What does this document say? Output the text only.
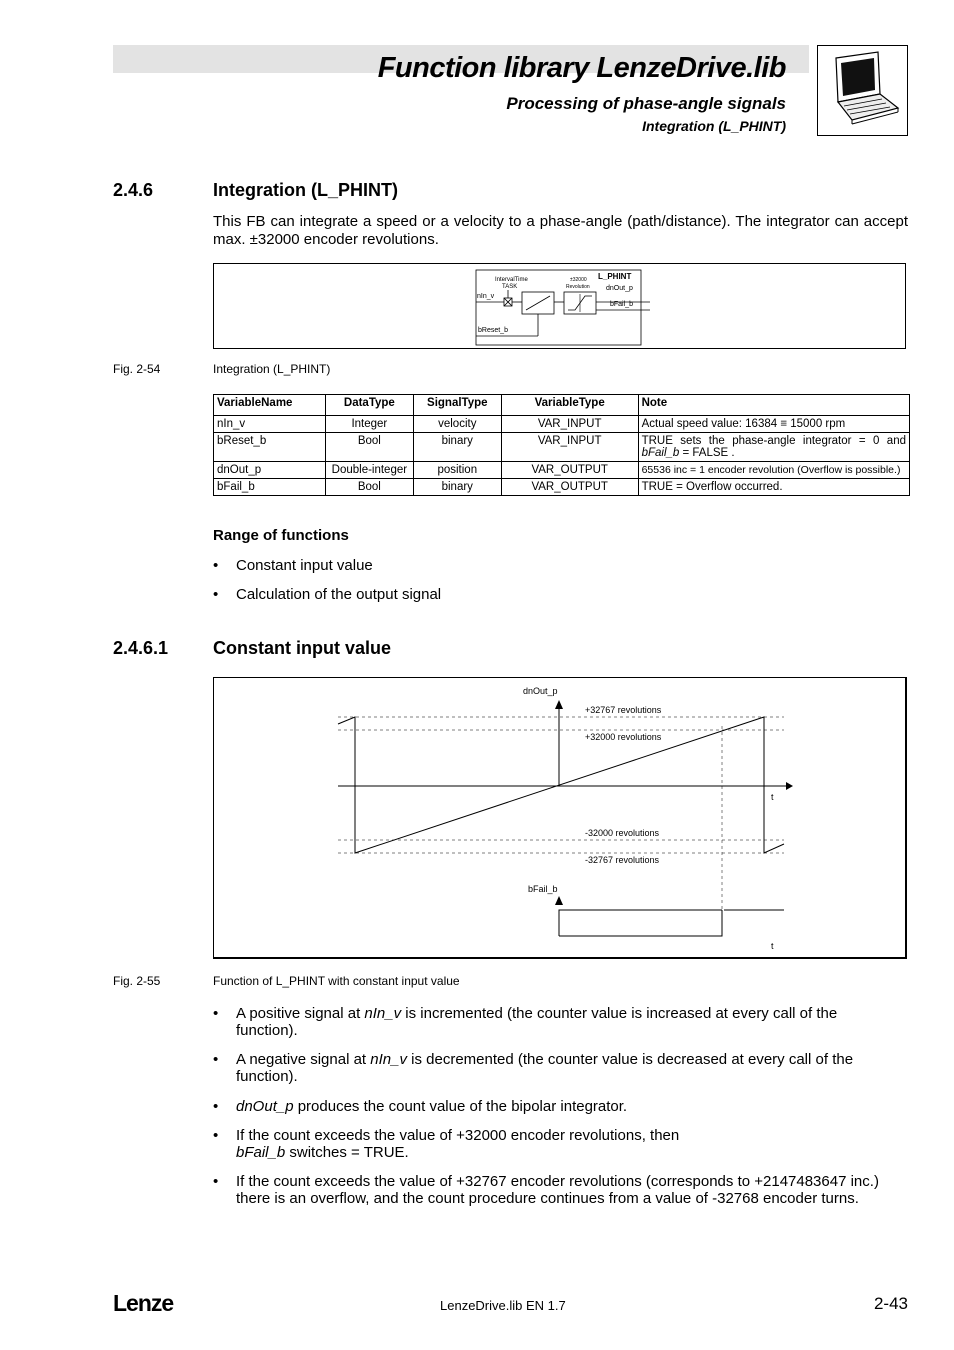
Function library LenzeDrive.lib
Processing of phase-angle signals
Integration (L_PHINT)
2.4.6	Integration (L_PHINT)
This FB can integrate a speed or a velocity to a phase-angle (path/distance). The integrator can accept max. ±32000 encoder revolutions.
IntervalTime
TASK
±32000
Revolution
L_PHINT
dnOut_p
bFail_b
nIn_v
bReset_b
Fig. 2-54	Integration (L_PHINT)
VariableName	DataType	SignalType	VariableType	Note
nIn_v	Integer	velocity	VAR_INPUT	Actual speed value: 16384 ≡ 15000 rpm
bReset_b	Bool	binary	VAR_INPUT	TRUE sets the phase-angle integrator = 0 and
bFail_b = FALSE .

dnOut_p	Double-integer	position	VAR_OUTPUT	65536 inc = 1 encoder revolution (Overflow is possible.)
bFail_b	Bool	binary	VAR_OUTPUT	TRUE = Overflow occurred.
Range of functions
• Constant input value
• Calculation of the output signal
2.4.6.1 Constant input value
dnOut_p
+32767 revolutions
+32000 revolutions
-32000 revolutions
-32767 revolutions
t
bFail_b
t
Fig. 2-55	Function of L_PHINT with constant input value
• A positive signal at nIn_v is incremented (the counter value is increased at every call of the function).
• A negative signal at nIn_v is decremented (the counter value is decreased at every call of the function).
• dnOut_p produces the count value of the bipolar integrator.
• If the count exceeds the value of +32000 encoder revolutions, then
bFail_b switches = TRUE.
• If the count exceeds the value of +32767 encoder revolutions (corresponds to +2147483647 inc.) there is an overflow, and the count procedure continues from a value of -32768 encoder turns.
Lenze	LenzeDrive.lib EN 1.7	2-43
